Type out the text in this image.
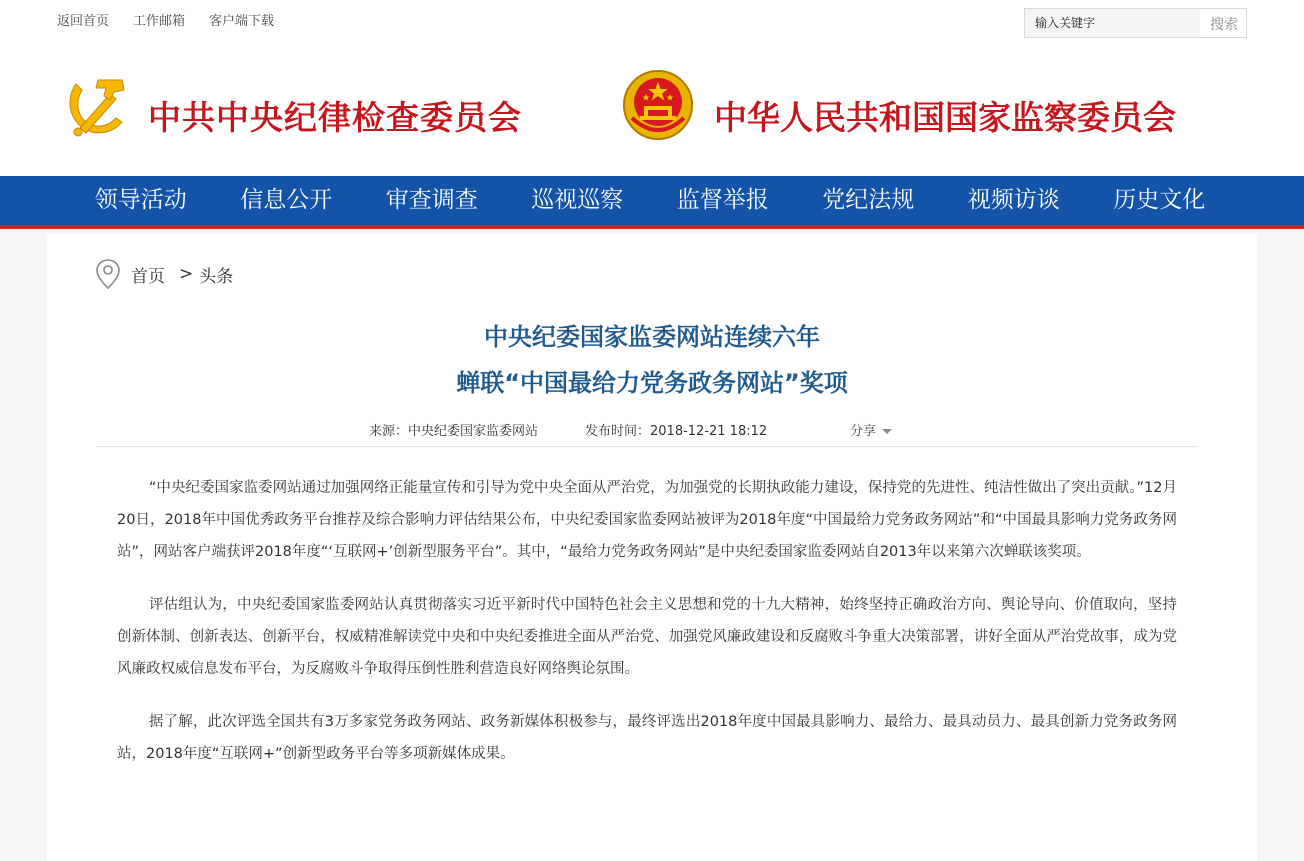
返回首页 工作邮箱 客户端下载
输入关键字	搜索
中共中央纪律检查委员会	中华人民共和国国家监察委员会
领导活动	信息公开	审查调查	巡视巡察	监督举报	党纪法规	视频访谈	历史文化
首页 > 头条
中央纪委国家监委网站连续六年
蝉联“中国最给力党务政务网站”奖项
来源：中央纪委国家监委网站	发布时间：2018-12-21 18:12	分享

“中央纪委国家监委网站通过加强网络正能量宣传和引导为党中央全面从严治党，为加强党的长期执政能力建设，保持党的先进性、纯洁性做出了突出贡献。”12月20日，2018年中国优秀政务平台推荐及综合影响力评估结果公布，中央纪委国家监委网站被评为2018年度“中国最给力党务政务网站”和“中国最具影响力党务政务网站”，网站客户端获评2018年度“‘互联网+’创新型服务平台”。其中，“最给力党务政务网站”是中央纪委国家监委网站自2013年以来第六次蝉联该奖项。

评估组认为，中央纪委国家监委网站认真贯彻落实习近平新时代中国特色社会主义思想和党的十九大精神，始终坚持正确政治方向、舆论导向、价值取向，坚持创新体制、创新表达、创新平台，权威精准解读党中央和中央纪委推进全面从严治党、加强党风廉政建设和反腐败斗争重大决策部署，讲好全面从严治党故事，成为党风廉政权威信息发布平台，为反腐败斗争取得压倒性胜利营造良好网络舆论氛围。

据了解，此次评选全国共有3万多家党务政务网站、政务新媒体积极参与，最终评选出2018年度中国最具影响力、最给力、最具动员力、最具创新力党务政务网站，2018年度“互联网+”创新型政务平台等多项新媒体成果。
